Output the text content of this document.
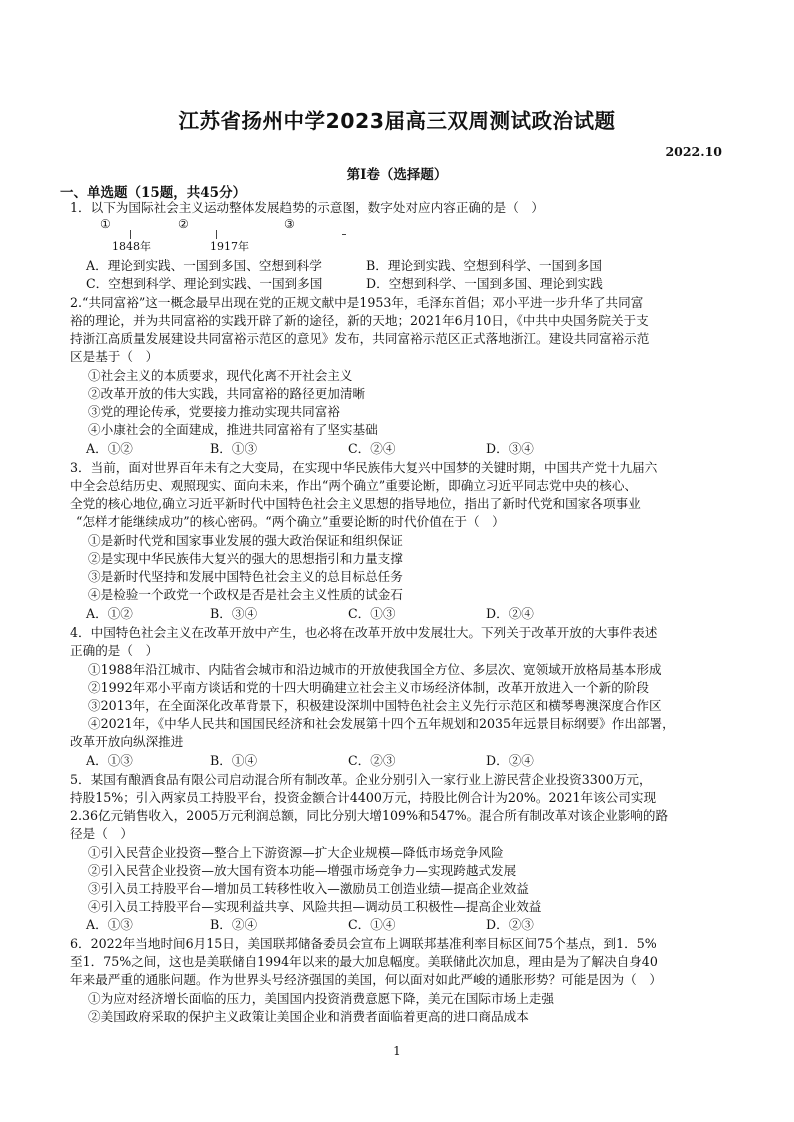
江苏省扬州中学2023届高三双周测试政治试题
2022.10
第Ⅰ卷（选择题）
一、单选题（15题，共45分）
1．以下为国际社会主义运动整体发展趋势的示意图，数字处对应内容正确的是（　）
①	②	③
1848年	1917年
A．理论到实践、一国到多国、空想到科学	B．理论到实践、空想到科学、一国到多国
C．空想到科学、理论到实践、一国到多国	D．空想到科学、一国到多国、理论到实践
2.“共同富裕”这一概念最早出现在党的正规文献中是1953年，毛泽东首倡；邓小平进一步升华了共同富
裕的理论，并为共同富裕的实践开辟了新的途径，新的天地；2021年6月10日，《中共中央国务院关于支
持浙江高质量发展建设共同富裕示范区的意见》发布，共同富裕示范区正式落地浙江。建设共同富裕示范
区是基于（　）
①社会主义的本质要求，现代化离不开社会主义
②改革开放的伟大实践，共同富裕的路径更加清晰
③党的理论传承，党要接力推动实现共同富裕
④小康社会的全面建成，推进共同富裕有了坚实基础
A．①②	B．①③	C．②④	D．③④
3．当前，面对世界百年未有之大变局，在实现中华民族伟大复兴中国梦的关键时期，中国共产党十九届六
中全会总结历史、观照现实、面向未来，作出“两个确立”重要论断，即确立习近平同志党中央的核心、
全党的核心地位,确立习近平新时代中国特色社会主义思想的指导地位，指出了新时代党和国家各项事业
“怎样才能继续成功”的核心密码。“两个确立”重要论断的时代价值在于（　）
①是新时代党和国家事业发展的强大政治保证和组织保证
②是实现中华民族伟大复兴的强大的思想指引和力量支撑
③是新时代坚持和发展中国特色社会主义的总目标总任务
④是检验一个政党一个政权是否是社会主义性质的试金石
A．①②	B．③④	C．①③	D．②④
4．中国特色社会主义在改革开放中产生，也必将在改革开放中发展壮大。下列关于改革开放的大事件表述
正确的是（　）
①1988年沿江城市、内陆省会城市和沿边城市的开放使我国全方位、多层次、宽领域开放格局基本形成
②1992年邓小平南方谈话和党的十四大明确建立社会主义市场经济体制，改革开放进入一个新的阶段
③2013年，在全面深化改革背景下，积极建设深圳中国特色社会主义先行示范区和横琴粤澳深度合作区
④2021年，《中华人民共和国国民经济和社会发展第十四个五年规划和2035年远景目标纲要》作出部署，
改革开放向纵深推进
A．①③	B．①④	C．②③	D．②④
5．某国有酿酒食品有限公司启动混合所有制改革。企业分别引入一家行业上游民营企业投资3300万元，
持股15%；引入两家员工持股平台，投资金额合计4400万元，持股比例合计为20%。2021年该公司实现
2.36亿元销售收入，2005万元利润总额，同比分别大增109%和547%。混合所有制改革对该企业影响的路
径是（　）
①引入民营企业投资—整合上下游资源—扩大企业规模—降低市场竞争风险
②引入民营企业投资—放大国有资本功能—增强市场竞争力—实现跨越式发展
③引入员工持股平台—增加员工转移性收入—激励员工创造业绩—提高企业效益
④引入员工持股平台—实现利益共享、风险共担—调动员工积极性—提高企业效益
A．①③	B．②④	C．①④	D．②③
6．2022年当地时间6月15日，美国联邦储备委员会宣布上调联邦基准利率目标区间75个基点，到1．5%
至1．75%之间，这也是美联储自1994年以来的最大加息幅度。美联储此次加息，理由是为了解决自身40
年来最严重的通胀问题。作为世界头号经济强国的美国，何以面对如此严峻的通胀形势？可能是因为（　）
①为应对经济增长面临的压力，美国国内投资消费意愿下降，美元在国际市场上走强
②美国政府采取的保护主义政策让美国企业和消费者面临着更高的进口商品成本
1
